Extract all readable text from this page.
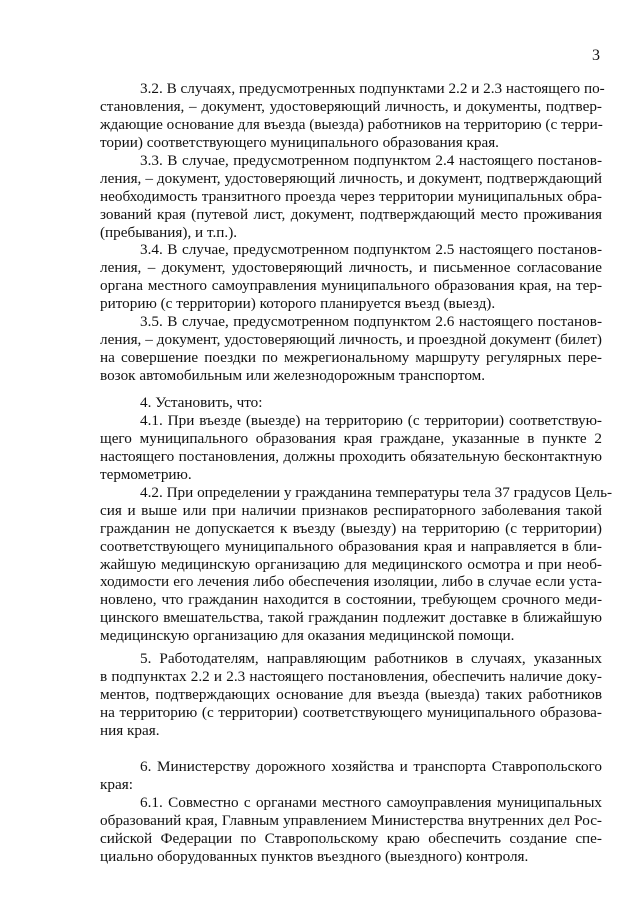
3
3.2. В случаях, предусмотренных подпунктами 2.2 и 2.3 настоящего по-
становления, – документ, удостоверяющий личность, и документы, подтвер-
ждающие основание для въезда (выезда) работников на территорию (с терри-
тории) соответствующего муниципального образования края.
3.3. В случае, предусмотренном подпунктом 2.4 настоящего постанов-
ления, – документ, удостоверяющий личность, и документ, подтверждающий
необходимость транзитного проезда через территории муниципальных обра-
зований края (путевой лист, документ, подтверждающий место проживания
(пребывания), и т.п.).
3.4. В случае, предусмотренном подпунктом 2.5 настоящего постанов-
ления, – документ, удостоверяющий личность, и письменное согласование
органа местного самоуправления муниципального образования края, на тер-
риторию (с территории) которого планируется въезд (выезд).
3.5. В случае, предусмотренном подпунктом 2.6 настоящего постанов-
ления, – документ, удостоверяющий личность, и проездной документ (билет)
на совершение поездки по межрегиональному маршруту регулярных пере-
возок автомобильным или железнодорожным транспортом.
4. Установить, что:
4.1. При въезде (выезде) на территорию (с территории) соответствую-
щего муниципального образования края граждане, указанные в пункте 2
настоящего постановления, должны проходить обязательную бесконтактную
термометрию.
4.2. При определении у гражданина температуры тела 37 градусов Цель-
сия и выше или при наличии признаков респираторного заболевания такой
гражданин не допускается к въезду (выезду) на территорию (с территории)
соответствующего муниципального образования края и направляется в бли-
жайшую медицинскую организацию для медицинского осмотра и при необ-
ходимости его лечения либо обеспечения изоляции, либо в случае если уста-
новлено, что гражданин находится в состоянии, требующем срочного меди-
цинского вмешательства, такой гражданин подлежит доставке в ближайшую
медицинскую организацию для оказания медицинской помощи.
5. Работодателям, направляющим работников в случаях, указанных
в подпунктах 2.2 и 2.3 настоящего постановления, обеспечить наличие доку-
ментов, подтверждающих основание для въезда (выезда) таких работников
на территорию (с территории) соответствующего муниципального образова-
ния края.
6. Министерству дорожного хозяйства и транспорта Ставропольского
края:
6.1. Совместно с органами местного самоуправления муниципальных
образований края, Главным управлением Министерства внутренних дел Рос-
сийской Федерации по Ставропольскому краю обеспечить создание спе-
циально оборудованных пунктов въездного (выездного) контроля.
